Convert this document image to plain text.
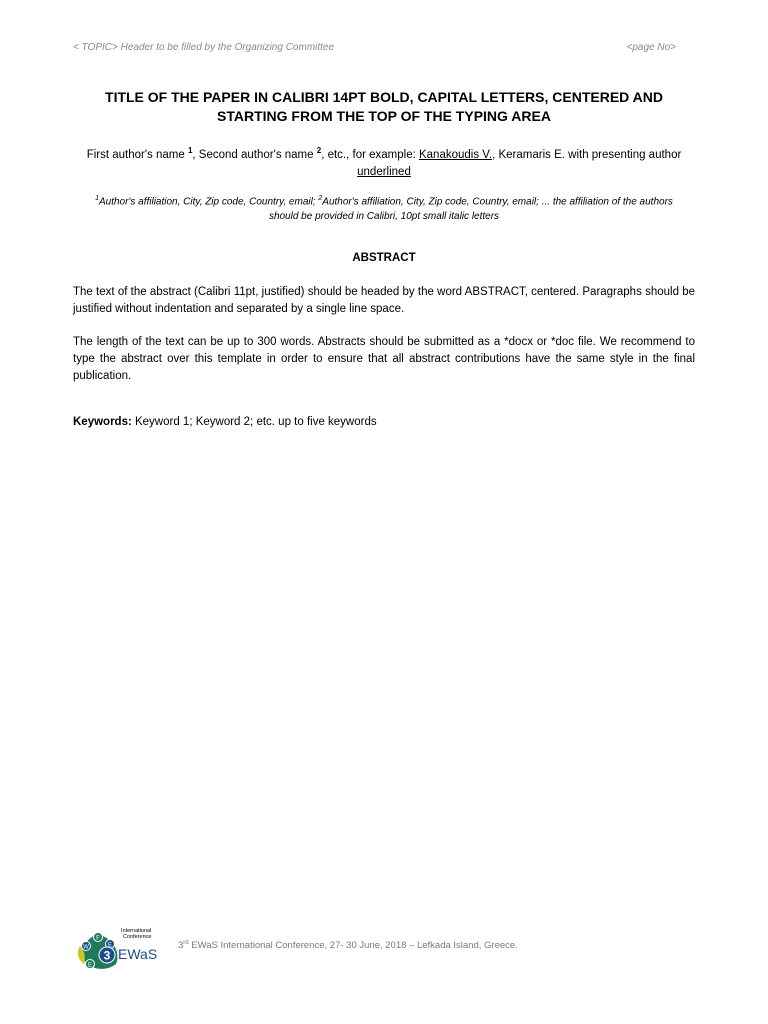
< TOPIC> Header to be filled by the Organizing Committee	<page No>
TITLE OF THE PAPER IN CALIBRI 14PT BOLD, CAPITAL LETTERS, CENTERED AND STARTING FROM THE TOP OF THE TYPING AREA
First author's name $^1$, Second author's name $^2$, etc., for example: Kanakoudis V., Keramaris E. with presenting author underlined
$^1$Author's affiliation, City, Zip code, Country, email; $^2$Author's affiliation, City, Zip code, Country, email; ... the affiliation of the authors should be provided in Calibri, 10pt small italic letters
ABSTRACT
The text of the abstract (Calibri 11pt, justified) should be headed by the word ABSTRACT, centered. Paragraphs should be justified without indentation and separated by a single line space.
The length of the text can be up to 300 words. Abstracts should be submitted as a *docx or *doc file. We recommend to type the abstract over this template in order to ensure that all abstract contributions have the same style in the final publication.
Keywords: Keyword 1; Keyword 2; etc. up to five keywords
F
W
E
E
3
International
Conference
EWaS
3rd EWaS International Conference, 27- 30 June, 2018 – Lefkada Island, Greece.
